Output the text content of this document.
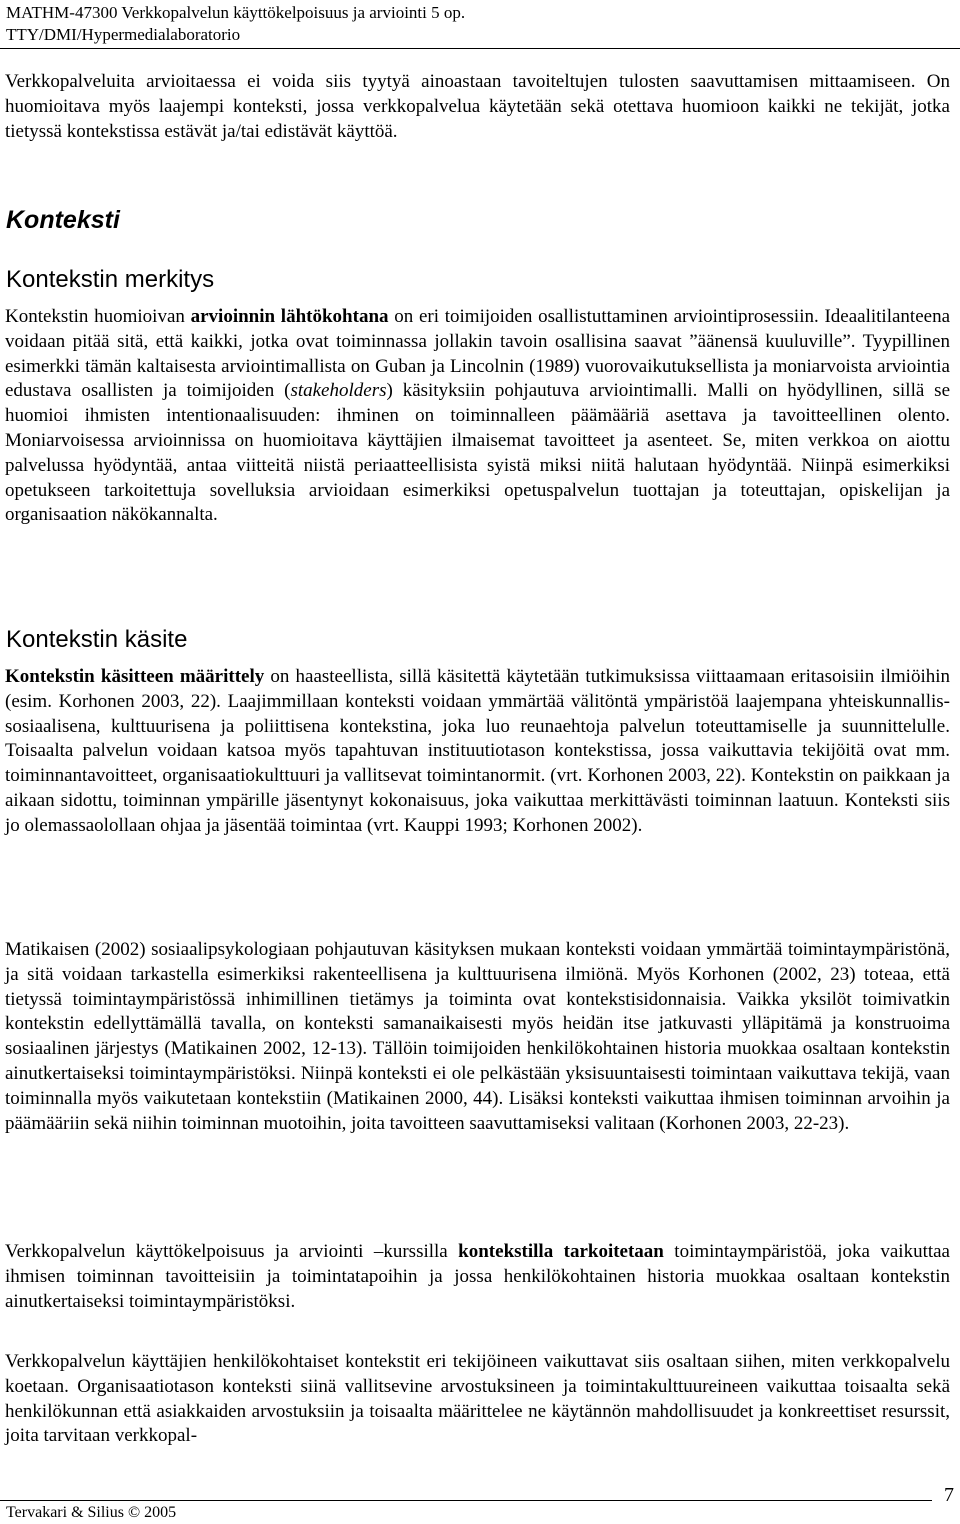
MATHM-47300 Verkkopalvelun käyttökelpoisuus ja arviointi 5 op.
TTY/DMI/Hypermedialaboratorio
Verkkopalveluita arvioitaessa ei voida siis tyytyä ainoastaan tavoiteltujen tulosten saavuttamisen mittaamiseen. On huomioitava myös laajempi konteksti, jossa verkkopalvelua käytetään sekä otettava huomioon kaikki ne tekijät, jotka tietyssä kontekstissa estävät ja/tai edistävät käyttöä.
Konteksti
Kontekstin merkitys
Kontekstin huomioivan arvioinnin lähtökohtana on eri toimijoiden osallistuttaminen arviointiprosessiin. Ideaalitilanteena voidaan pitää sitä, että kaikki, jotka ovat toiminnassa jollakin tavoin osallisina saavat ”äänensä kuuluville”. Tyypillinen esimerkki tämän kaltaisesta arviointimallista on Guban ja Lincolnin (1989) vuorovaikutuksellista ja moniarvoista arviointia edustava osallisten ja toimijoiden (stakeholders) käsityksiin pohjautuva arviointimalli. Malli on hyödyllinen, sillä se huomioi ihmisten intentionaalisuuden: ihminen on toiminnalleen päämääriä asettava ja tavoitteellinen olento. Moniarvoisessa arvioinnissa on huomioitava käyttäjien ilmaisemat tavoitteet ja asenteet. Se, miten verkkoa on aiottu palvelussa hyödyntää, antaa viitteitä niistä periaatteellisista syistä miksi niitä halutaan hyödyntää. Niinpä esimerkiksi opetukseen tarkoitettuja sovelluksia arvioidaan esimerkiksi opetuspalvelun tuottajan ja toteuttajan, opiskelijan ja organisaation näkökannalta.
Kontekstin käsite
Kontekstin käsitteen määrittely on haasteellista, sillä käsitettä käytetään tutkimuksissa viittaamaan eritasoisiin ilmiöihin (esim. Korhonen 2003, 22). Laajimmillaan konteksti voidaan ymmärtää välitöntä ympäristöä laajempana yhteiskunnallis-sosiaalisena, kulttuurisena ja poliittisena kontekstina, joka luo reunaehtoja palvelun toteuttamiselle ja suunnittelulle. Toisaalta palvelun voidaan katsoa myös tapahtuvan instituutiotason kontekstissa, jossa vaikuttavia tekijöitä ovat mm. toiminnantavoitteet, organisaatiokulttuuri ja vallitsevat toimintanormit. (vrt. Korhonen 2003, 22). Kontekstin on paikkaan ja aikaan sidottu, toiminnan ympärille jäsentynyt kokonaisuus, joka vaikuttaa merkittävästi toiminnan laatuun. Konteksti siis jo olemassaolollaan ohjaa ja jäsentää toimintaa (vrt. Kauppi 1993; Korhonen 2002).
Matikaisen (2002) sosiaalipsykologiaan pohjautuvan käsityksen mukaan konteksti voidaan ymmärtää toimintaympäristönä, ja sitä voidaan tarkastella esimerkiksi rakenteellisena ja kulttuurisena ilmiönä. Myös Korhonen (2002, 23) toteaa, että tietyssä toimintaympäristössä inhimillinen tietämys ja toiminta ovat kontekstisidonnaisia. Vaikka yksilöt toimivatkin kontekstin edellyttämällä tavalla, on konteksti samanaikaisesti myös heidän itse jatkuvasti ylläpitämä ja konstruoima sosiaalinen järjestys (Matikainen 2002, 12-13). Tällöin toimijoiden henkilökohtainen historia muokkaa osaltaan kontekstin ainutkertaiseksi toimintaympäristöksi. Niinpä konteksti ei ole pelkästään yksisuuntaisesti toimintaan vaikuttava tekijä, vaan toiminnalla myös vaikutetaan kontekstiin (Matikainen 2000, 44). Lisäksi konteksti vaikuttaa ihmisen toiminnan arvoihin ja päämääriin sekä niihin toiminnan muotoihin, joita tavoitteen saavuttamiseksi valitaan (Korhonen 2003, 22-23).
Verkkopalvelun käyttökelpoisuus ja arviointi –kurssilla kontekstilla tarkoitetaan toimintaympäristöä, joka vaikuttaa ihmisen toiminnan tavoitteisiin ja toimintatapoihin ja jossa henkilökohtainen historia muokkaa osaltaan kontekstin ainutkertaiseksi toimintaympäristöksi.
Verkkopalvelun käyttäjien henkilökohtaiset kontekstit eri tekijöineen vaikuttavat siis osaltaan siihen, miten verkkopalvelu koetaan. Organisaatiotason konteksti siinä vallitsevine arvostuksineen ja toimintakulttuureineen vaikuttaa toisaalta sekä henkilökunnan että asiakkaiden arvostuksiin ja toisaalta määrittelee ne käytännön mahdollisuudet ja konkreettiset resurssit, joita tarvitaan verkkopal-
Tervakari & Silius © 2005
7
